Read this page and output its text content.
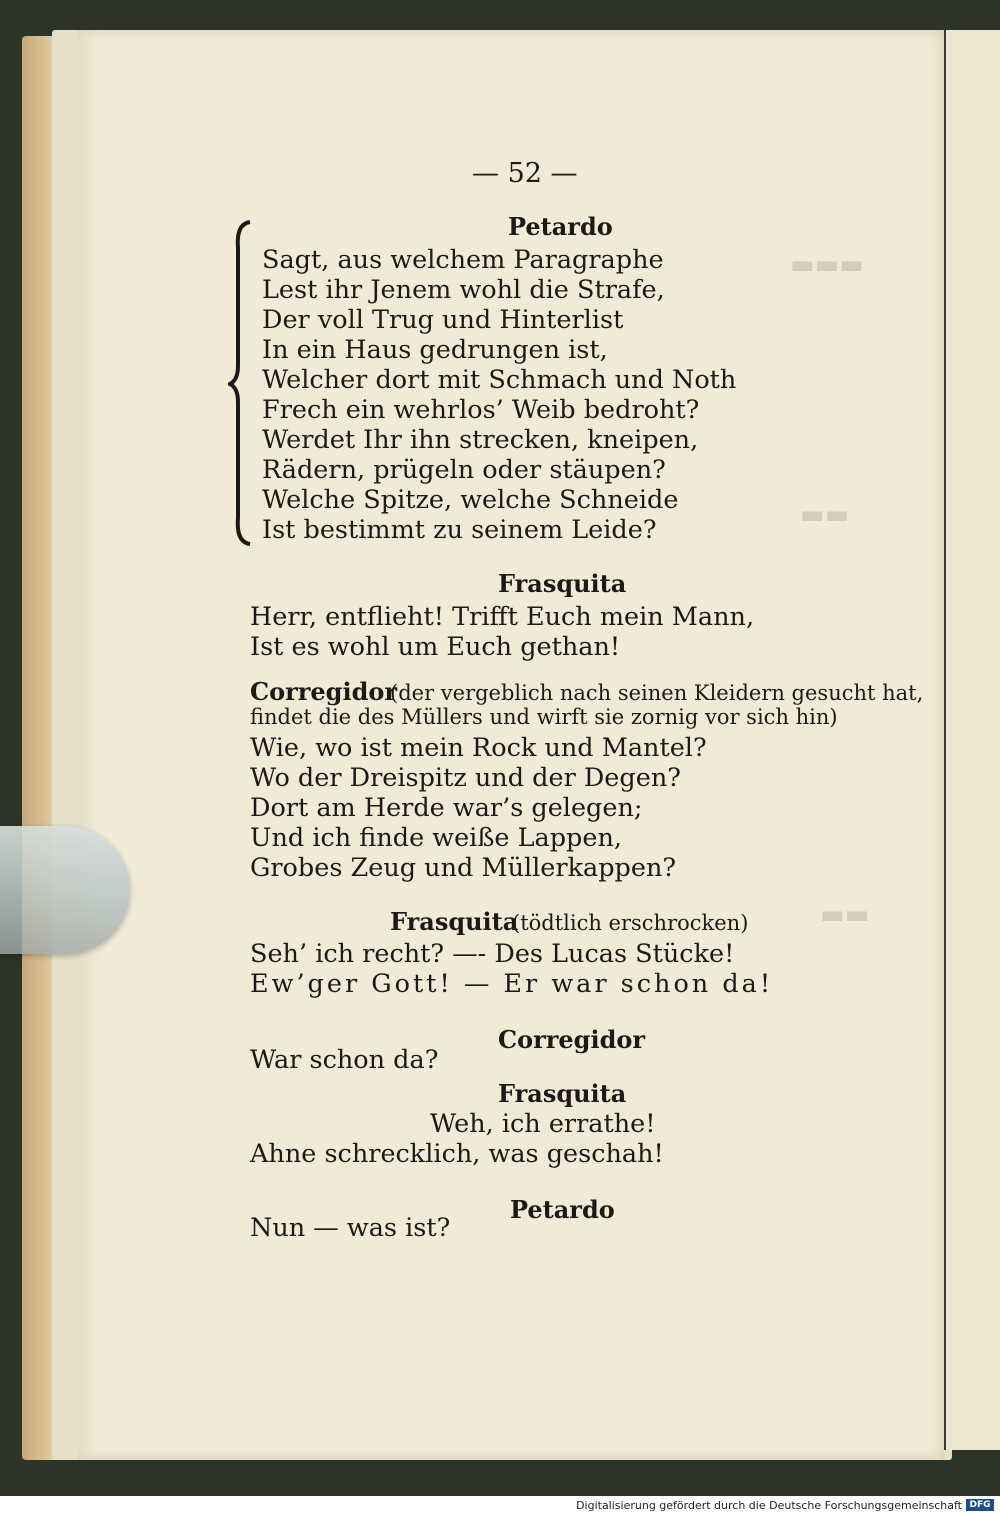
▬▬▬
▬▬
▬▬
— 52 —
Petardo
Sagt, aus welchem Paragraphe
Lest ihr Jenem wohl die Strafe,
Der voll Trug und Hinterlist
In ein Haus gedrungen ist,
Welcher dort mit Schmach und Noth
Frech ein wehrlos’ Weib bedroht?
Werdet Ihr ihn strecken, kneipen,
Rädern, prügeln oder stäupen?
Welche Spitze, welche Schneide
Ist bestimmt zu seinem Leide?
Frasquita
Herr, entflieht! Trifft Euch mein Mann,
Ist es wohl um Euch gethan!
Corregidor
(der vergeblich nach seinen Kleidern gesucht hat,
findet die des Müllers und wirft sie zornig vor sich hin)
Wie, wo ist mein Rock und Mantel?
Wo der Dreispitz und der Degen?
Dort am Herde war’s gelegen;
Und ich finde weiße Lappen,
Grobes Zeug und Müllerkappen?
Frasquita
(tödtlich erschrocken)
Seh’ ich recht? —- Des Lucas Stücke!
Ew’ger Gott! — Er war schon da!
Corregidor
War schon da?
Frasquita
Weh, ich errathe!
Ahne schrecklich, was geschah!
Petardo
Nun — was ist?
Digitalisierung gefördert durch die Deutsche Forschungsgemeinschaft DFG
